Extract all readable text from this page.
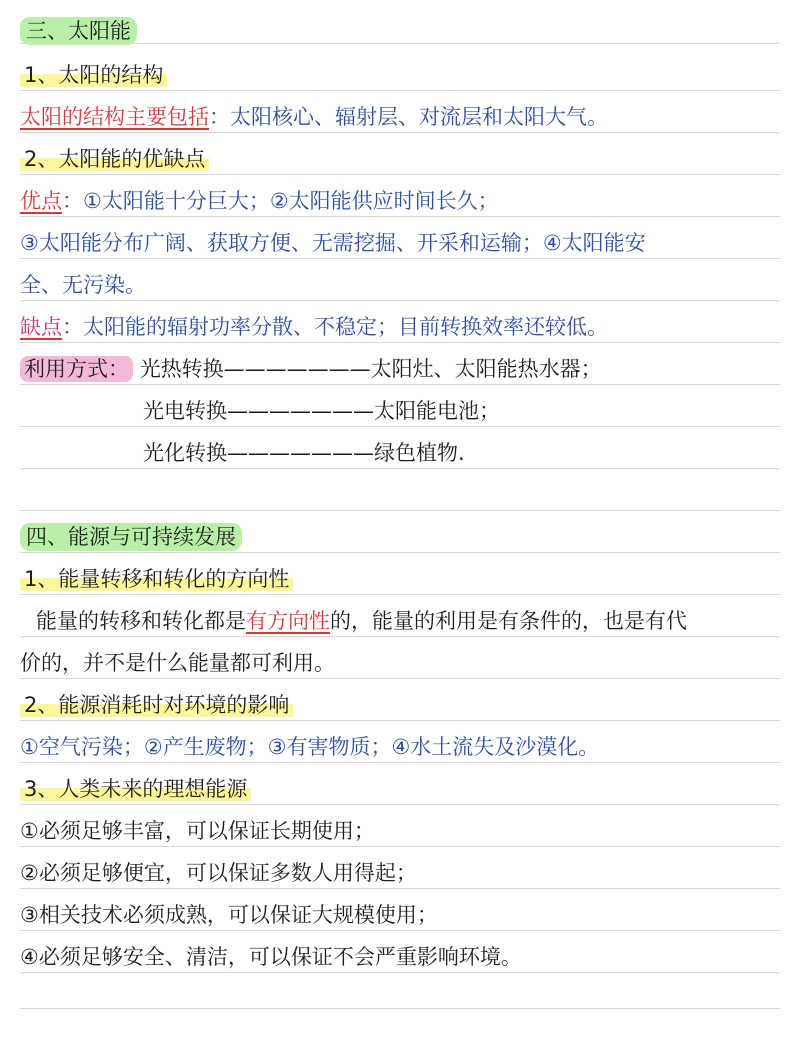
三、太阳能
1、太阳的结构
太阳的结构主要包括：太阳核心、辐射层、对流层和太阳大气。
2、太阳能的优缺点
优点：①太阳能十分巨大；②太阳能供应时间长久；
③太阳能分布广阔、获取方便、无需挖掘、开采和运输；④太阳能安
全、无污染。
缺点：太阳能的辐射功率分散、不稳定；目前转换效率还较低。
利用方式： 光热转换———————太阳灶、太阳能热水器；
光电转换———————太阳能电池；
光化转换———————绿色植物.
四、能源与可持续发展
1、能量转移和转化的方向性
能量的转移和转化都是有方向性的，能量的利用是有条件的，也是有代
价的，并不是什么能量都可利用。
2、能源消耗时对环境的影响
①空气污染；②产生废物；③有害物质；④水土流失及沙漠化。
3、人类未来的理想能源
①必须足够丰富，可以保证长期使用；
②必须足够便宜，可以保证多数人用得起；
③相关技术必须成熟，可以保证大规模使用；
④必须足够安全、清洁，可以保证不会严重影响环境。
